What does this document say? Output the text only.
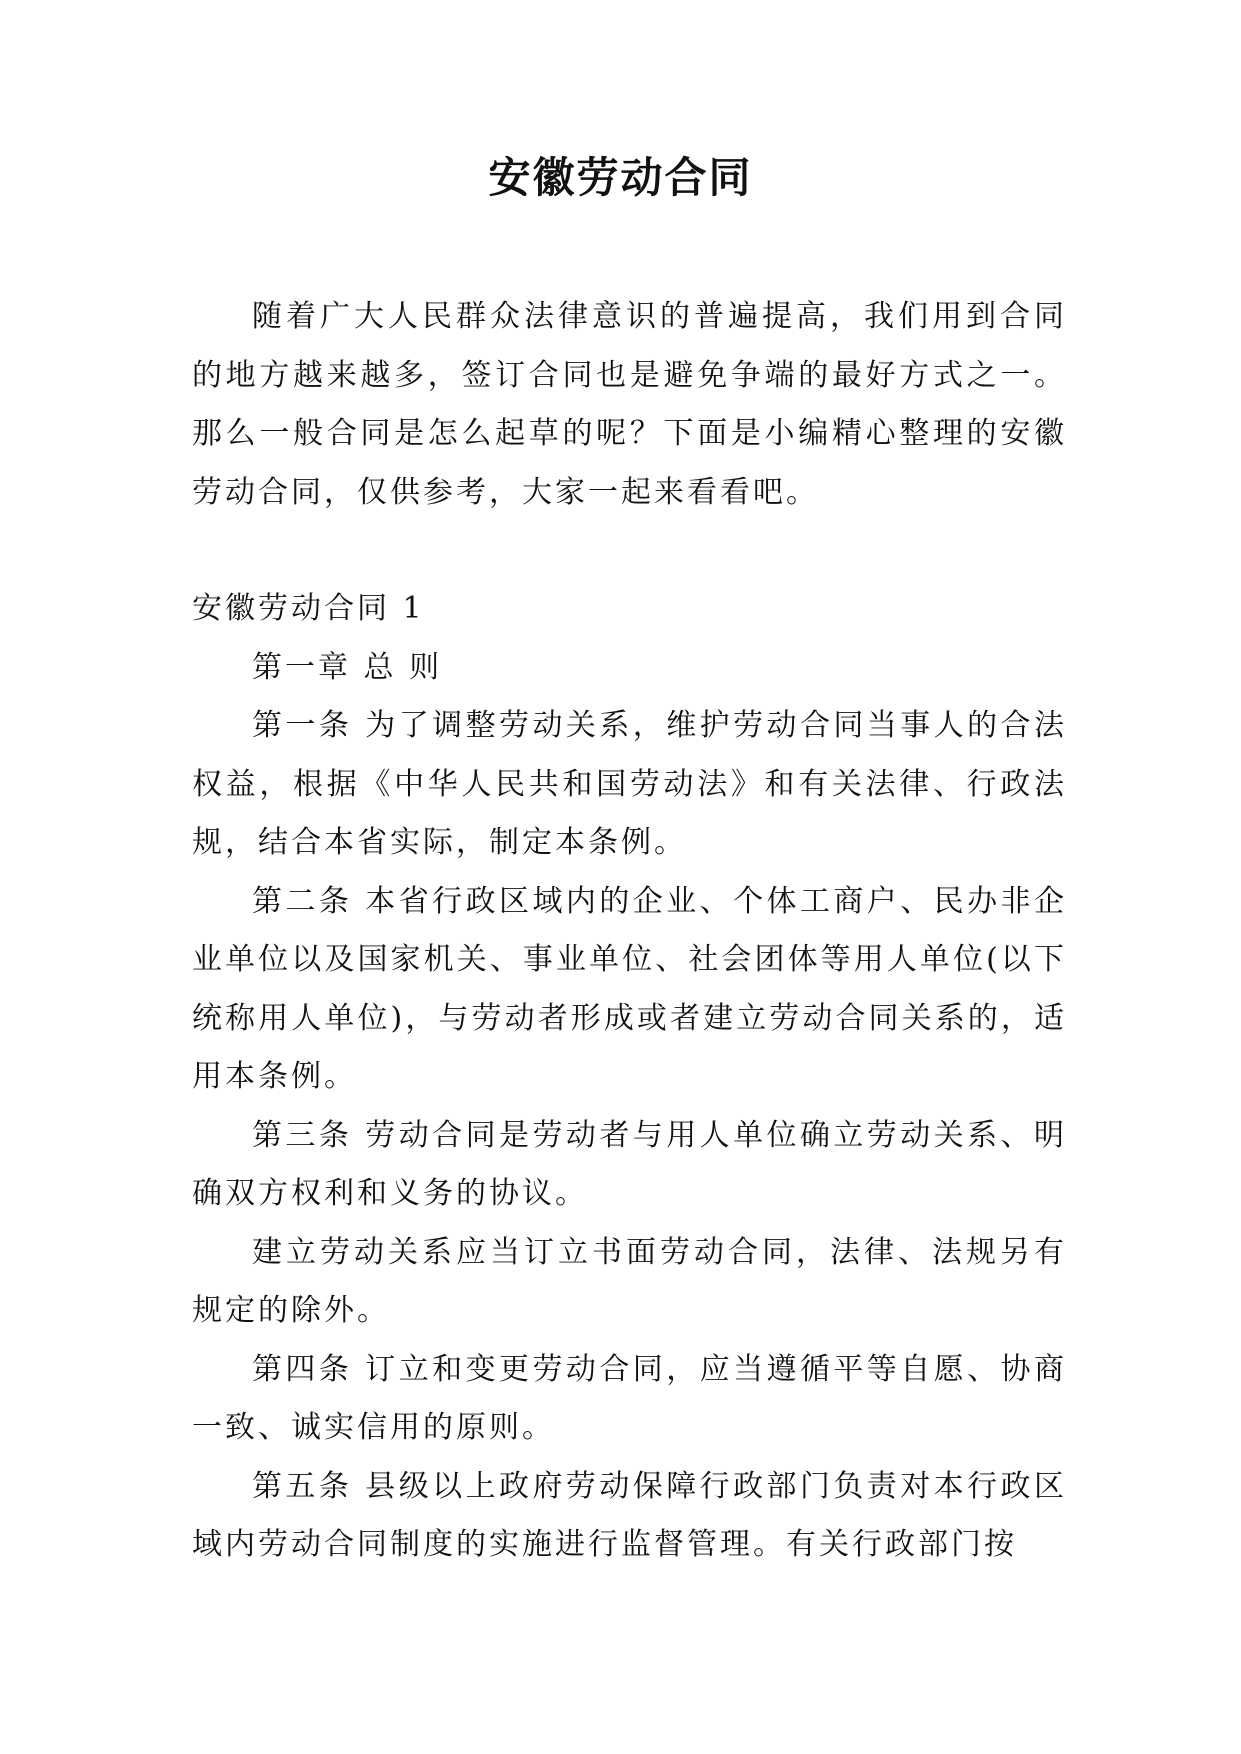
安徽劳动合同

随着广大人民群众法律意识的普遍提高，我们用到合同的地方越来越多，签订合同也是避免争端的最好方式之一。那么一般合同是怎么起草的呢？下面是小编精心整理的安徽劳动合同，仅供参考，大家一起来看看吧。

安徽劳动合同 1

第一章 总 则

第一条 为了调整劳动关系，维护劳动合同当事人的合法权益，根据《中华人民共和国劳动法》和有关法律、行政法规，结合本省实际，制定本条例。

第二条 本省行政区域内的企业、个体工商户、民办非企业单位以及国家机关、事业单位、社会团体等用人单位(以下统称用人单位)，与劳动者形成或者建立劳动合同关系的，适用本条例。

第三条 劳动合同是劳动者与用人单位确立劳动关系、明确双方权利和义务的协议。

建立劳动关系应当订立书面劳动合同，法律、法规另有规定的除外。

第四条 订立和变更劳动合同，应当遵循平等自愿、协商一致、诚实信用的原则。

第五条 县级以上政府劳动保障行政部门负责对本行政区域内劳动合同制度的实施进行监督管理。有关行政部门按
